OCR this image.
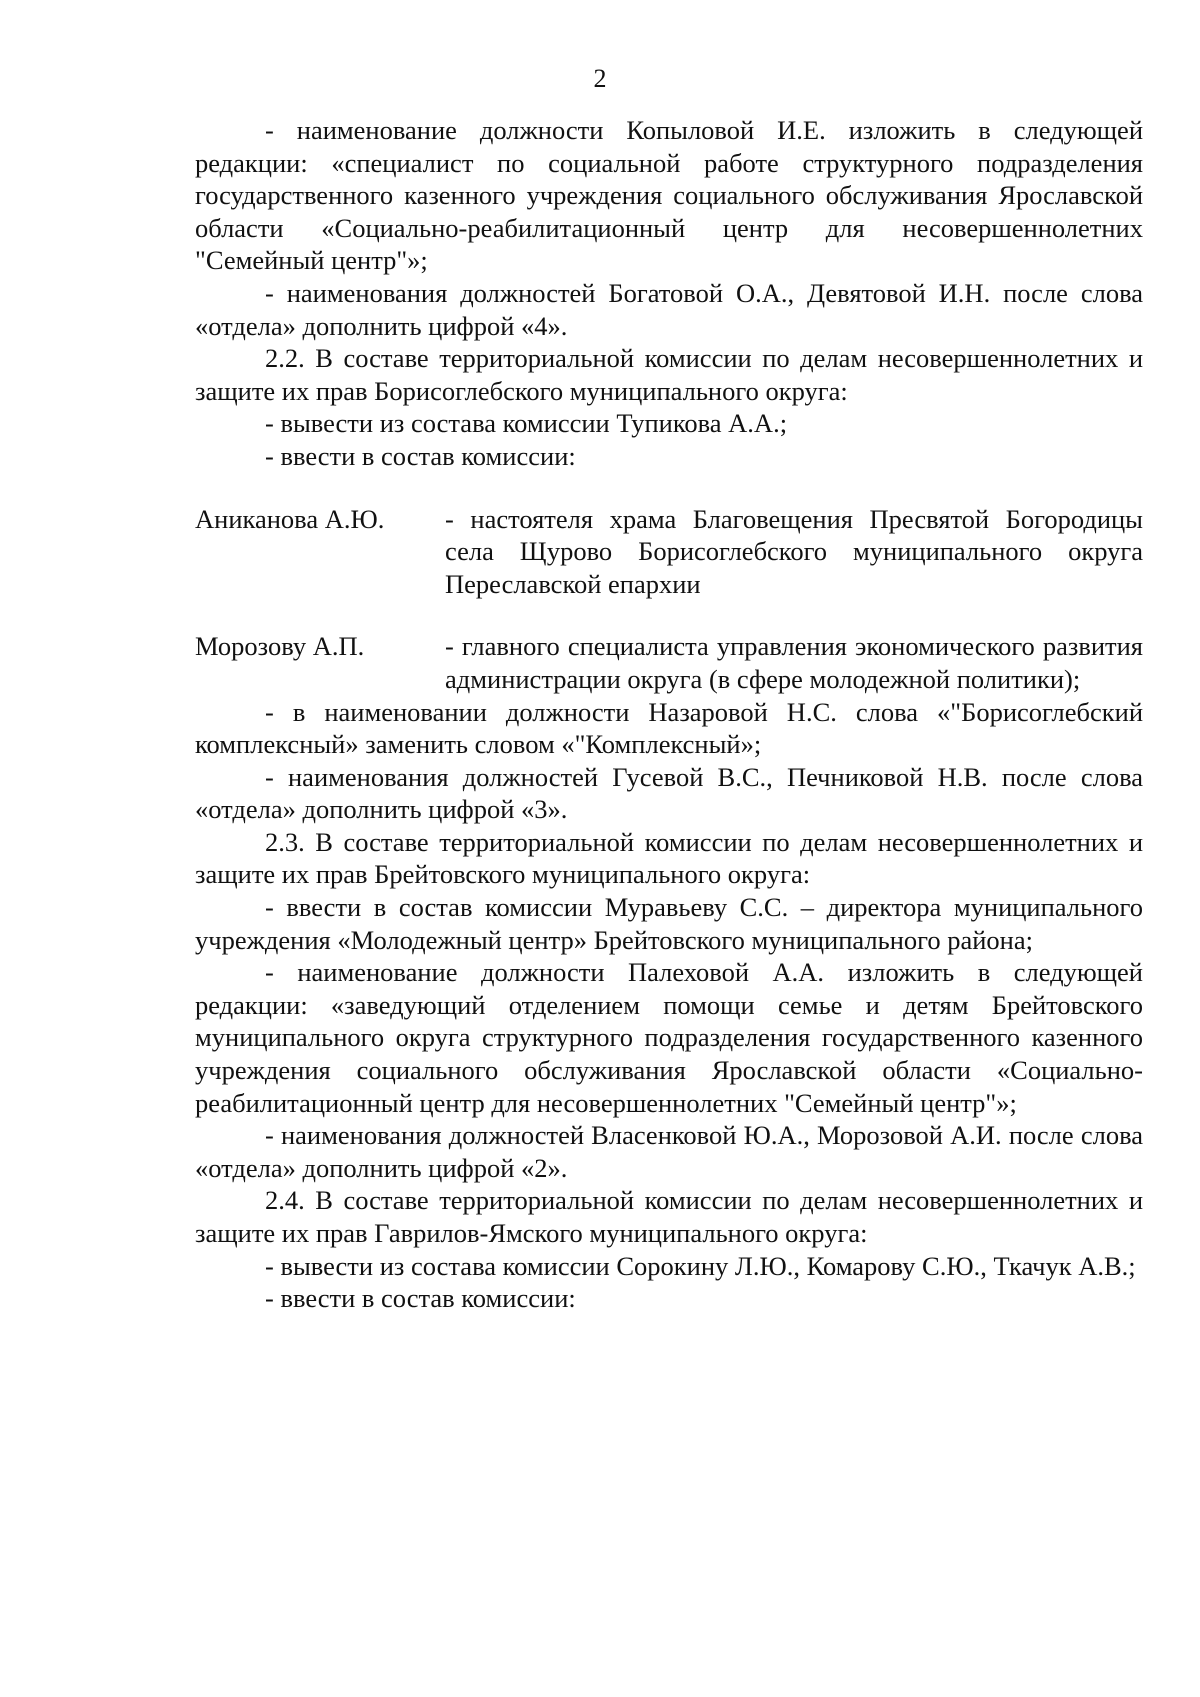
2

- наименование должности Копыловой И.Е. изложить в следующей редакции: «специалист по социальной работе структурного подразделения государственного казенного учреждения социального обслуживания Ярославской области «Социально-реабилитационный центр для несовершеннолетних "Семейный центр"»;

- наименования должностей Богатовой О.А., Девятовой И.Н. после слова «отдела» дополнить цифрой «4».

2.2. В составе территориальной комиссии по делам несовершеннолетних и защите их прав Борисоглебского муниципального округа:

- вывести из состава комиссии Тупикова А.А.;

- ввести в состав комиссии:

Аниканова А.Ю.	- настоятеля храма Благовещения Пресвятой Богородицы села Щурово Борисоглебского муниципального округа Переславской епархии
Морозову А.П.	- главного специалиста управления экономического развития администрации округа (в сфере молодежной политики);

- в наименовании должности Назаровой Н.С. слова «"Борисоглебский комплексный» заменить словом «"Комплексный»;

- наименования должностей Гусевой В.С., Печниковой Н.В. после слова «отдела» дополнить цифрой «3».

2.3. В составе территориальной комиссии по делам несовершеннолетних и защите их прав Брейтовского муниципального округа:

- ввести в состав комиссии Муравьеву С.С. – директора муниципального учреждения «Молодежный центр» Брейтовского муниципального района;

- наименование должности Палеховой А.А. изложить в следующей редакции: «заведующий отделением помощи семье и детям Брейтовского муниципального округа структурного подразделения государственного казенного учреждения социального обслуживания Ярославской области «Социально-реабилитационный центр для несовершеннолетних "Семейный центр"»;

- наименования должностей Власенковой Ю.А., Морозовой А.И. после слова «отдела» дополнить цифрой «2».

2.4. В составе территориальной комиссии по делам несовершеннолетних и защите их прав Гаврилов-Ямского муниципального округа:

- вывести из состава комиссии Сорокину Л.Ю., Комарову С.Ю., Ткачук А.В.;

- ввести в состав комиссии:
